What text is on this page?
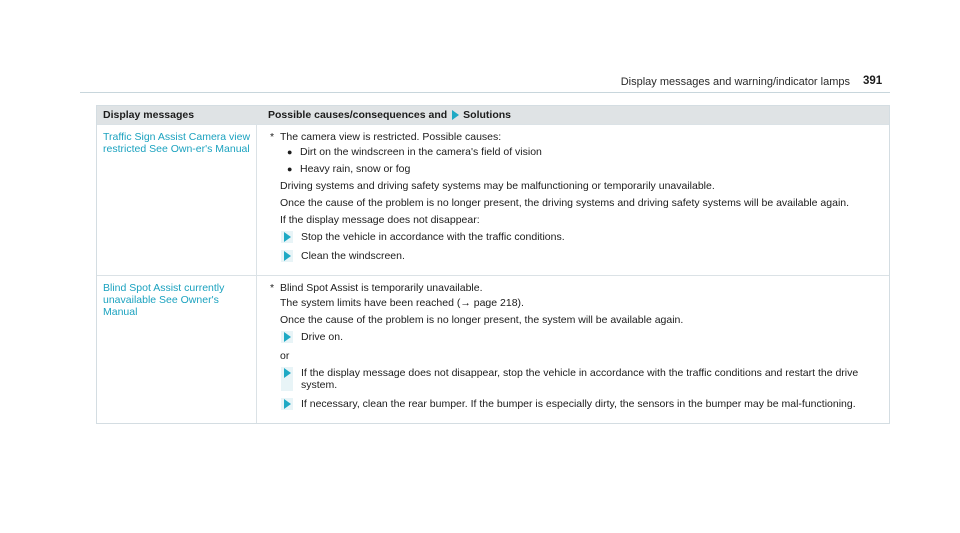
Display messages and warning/indicator lamps 391
Display messages	Possible causes/consequences and Solutions
Traffic Sign Assist Camera view restricted See Own-er's Manual
* The camera view is restricted. Possible causes:
● Dirt on the windscreen in the camera's field of vision
● Heavy rain, snow or fog
Driving systems and driving safety systems may be malfunctioning or temporarily unavailable.
Once the cause of the problem is no longer present, the driving systems and driving safety systems will be available again.
If the display message does not disappear:
Stop the vehicle in accordance with the traffic conditions.
Clean the windscreen.
Blind Spot Assist currently unavailable See Owner's Manual
* Blind Spot Assist is temporarily unavailable.
The system limits have been reached (→ page 218).
Once the cause of the problem is no longer present, the system will be available again.
Drive on.
or
If the display message does not disappear, stop the vehicle in accordance with the traffic conditions and restart the drive system.
If necessary, clean the rear bumper. If the bumper is especially dirty, the sensors in the bumper may be mal-functioning.
